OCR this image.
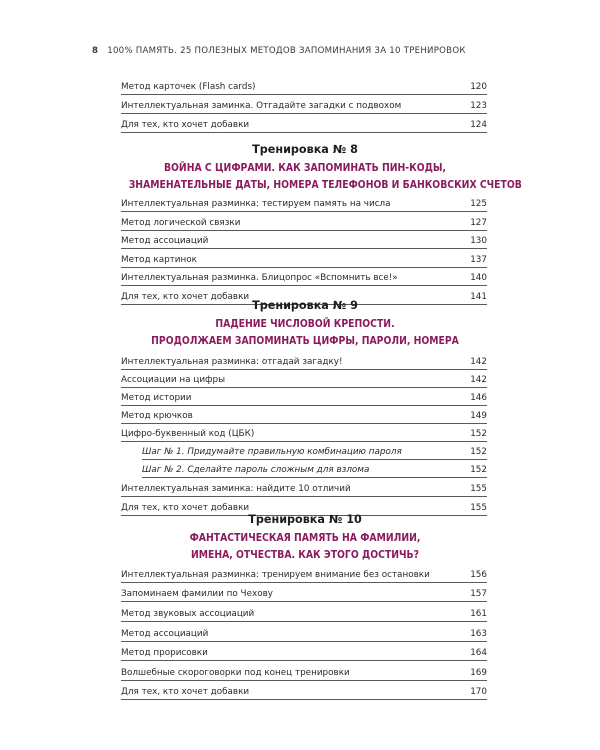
8 100% ПАМЯТЬ. 25 ПОЛЕЗНЫХ МЕТОДОВ ЗАПОМИНАНИЯ ЗА 10 ТРЕНИРОВОК
Метод карточек (Flash cards)	120
Интеллектуальная заминка. Отгадайте загадки с подвохом	123
Для тех, кто хочет добавки	124
Тренировка № 8
ВОЙНА С ЦИФРАМИ. КАК ЗАПОМИНАТЬ ПИН-КОДЫ,
ЗНАМЕНАТЕЛЬНЫЕ ДАТЫ, НОМЕРА ТЕЛЕФОНОВ И БАНКОВСКИХ СЧЕТОВ
Интеллектуальная разминка: тестируем память на числа	125
Метод логической связки	127
Метод ассоциаций	130
Метод картинок	137
Интеллектуальная разминка. Блицопрос «Вспомнить все!»	140
Для тех, кто хочет добавки	141
Тренировка № 9
ПАДЕНИЕ ЧИСЛОВОЙ КРЕПОСТИ.
ПРОДОЛЖАЕМ ЗАПОМИНАТЬ ЦИФРЫ, ПАРОЛИ, НОМЕРА
Интеллектуальная разминка: отгадай загадку!	142
Ассоциации на цифры	142
Метод истории	146
Метод крючков	149
Цифро-буквенный код (ЦБК)	152
Шаг № 1. Придумайте правильную комбинацию пароля	152
Шаг № 2. Сделайте пароль сложным для взлома	152
Интеллектуальная заминка: найдите 10 отличий	155
Для тех, кто хочет добавки	155
Тренировка № 10
ФАНТАСТИЧЕСКАЯ ПАМЯТЬ НА ФАМИЛИИ,
ИМЕНА, ОТЧЕСТВА. КАК ЭТОГО ДОСТИЧЬ?
Интеллектуальная разминка: тренируем внимание без остановки	156
Запоминаем фамилии по Чехову	157
Метод звуковых ассоциаций	161
Метод ассоциаций	163
Метод прорисовки	164
Волшебные скороговорки под конец тренировки	169
Для тех, кто хочет добавки	170
